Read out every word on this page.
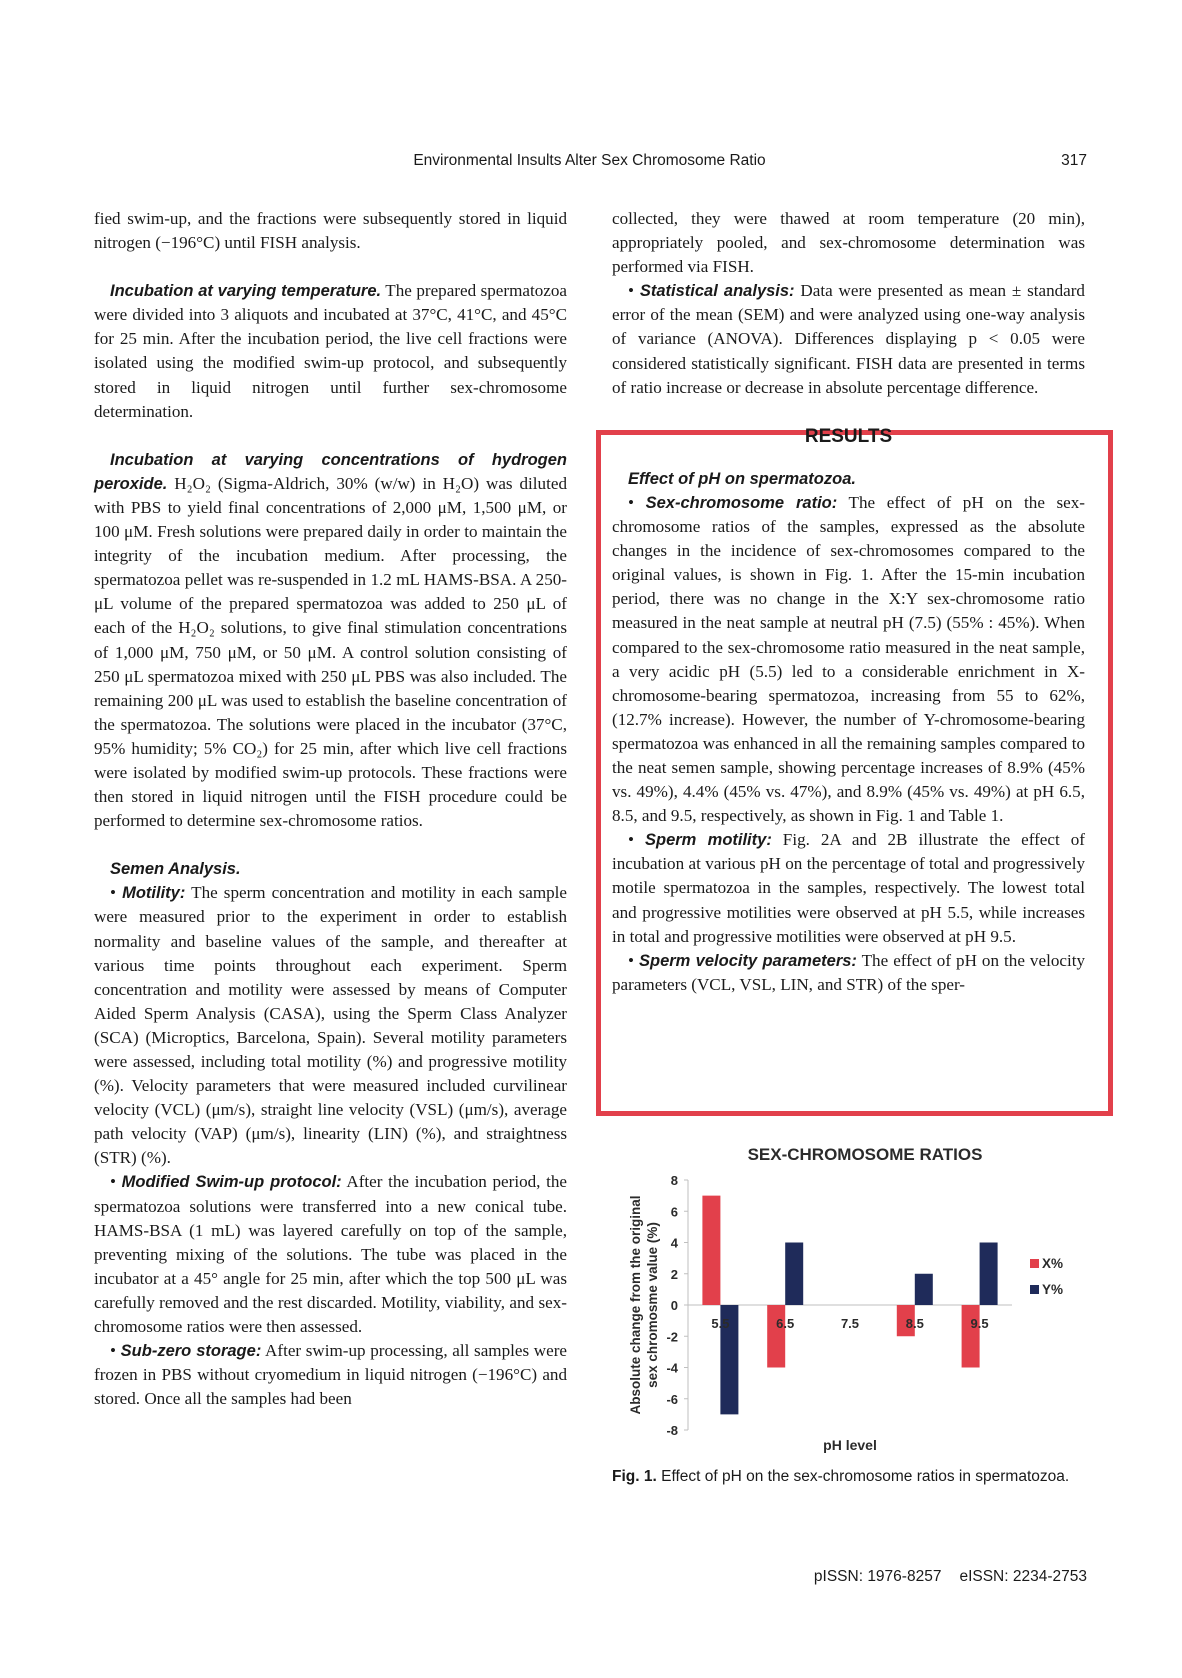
Environmental Insults Alter Sex Chromosome Ratio	317

fied swim-up, and the fractions were subsequently stored in liquid nitrogen (−196°C) until FISH analysis.

Incubation at varying temperature. The prepared spermatozoa were divided into 3 aliquots and incubated at 37°C, 41°C, and 45°C for 25 min. After the incubation period, the live cell fractions were isolated using the modified swim-up protocol, and subsequently stored in liquid nitrogen until further sex-chromosome determination.

Incubation at varying concentrations of hydrogen peroxide. H₂O₂ (Sigma-Aldrich, 30% (w/w) in H₂O) was diluted with PBS to yield final concentrations of 2,000 μM, 1,500 μM, or 100 μM. Fresh solutions were prepared daily in order to maintain the integrity of the incubation medium. After processing, the spermatozoa pellet was re-suspended in 1.2 mL HAMS-BSA. A 250-μL volume of the prepared spermatozoa was added to 250 μL of each of the H₂O₂ solutions, to give final stimulation concentrations of 1,000 μM, 750 μM, or 50 μM. A control solution consisting of 250 μL spermatozoa mixed with 250 μL PBS was also included. The remaining 200 μL was used to establish the baseline concentration of the spermatozoa. The solutions were placed in the incubator (37°C, 95% humidity; 5% CO₂) for 25 min, after which live cell fractions were isolated by modified swim-up protocols. These fractions were then stored in liquid nitrogen until the FISH procedure could be performed to determine sex-chromosome ratios.

Semen Analysis.

• Motility: The sperm concentration and motility in each sample were measured prior to the experiment in order to establish normality and baseline values of the sample, and thereafter at various time points throughout each experiment. Sperm concentration and motility were assessed by means of Computer Aided Sperm Analysis (CASA), using the Sperm Class Analyzer (SCA) (Microptics, Barcelona, Spain). Several motility parameters were assessed, including total motility (%) and progressive motility (%). Velocity parameters that were measured included curvilinear velocity (VCL) (μm/s), straight line velocity (VSL) (μm/s), average path velocity (VAP) (μm/s), linearity (LIN) (%), and straightness (STR) (%).

• Modified Swim-up protocol: After the incubation period, the spermatozoa solutions were transferred into a new conical tube. HAMS-BSA (1 mL) was layered carefully on top of the sample, preventing mixing of the solutions. The tube was placed in the incubator at a 45° angle for 25 min, after which the top 500 μL was carefully removed and the rest discarded. Motility, viability, and sex-chromosome ratios were then assessed.

• Sub-zero storage: After swim-up processing, all samples were frozen in PBS without cryomedium in liquid nitrogen (−196°C) and stored. Once all the samples had been

collected, they were thawed at room temperature (20 min), appropriately pooled, and sex-chromosome determination was performed via FISH.

• Statistical analysis: Data were presented as mean ± standard error of the mean (SEM) and were analyzed using one-way analysis of variance (ANOVA). Differences displaying p < 0.05 were considered statistically significant. FISH data are presented in terms of ratio increase or decrease in absolute percentage difference.

RESULTS

Effect of pH on spermatozoa.

• Sex-chromosome ratio: The effect of pH on the sex-chromosome ratios of the samples, expressed as the absolute changes in the incidence of sex-chromosomes compared to the original values, is shown in Fig. 1. After the 15-min incubation period, there was no change in the X:Y sex-chromosome ratio measured in the neat sample at neutral pH (7.5) (55% : 45%). When compared to the sex-chromosome ratio measured in the neat sample, a very acidic pH (5.5) led to a considerable enrichment in X-chromosome-bearing spermatozoa, increasing from 55 to 62%, (12.7% increase). However, the number of Y-chromosome-bearing spermatozoa was enhanced in all the remaining samples compared to the neat semen sample, showing percentage increases of 8.9% (45% vs. 49%), 4.4% (45% vs. 47%), and 8.9% (45% vs. 49%) at pH 6.5, 8.5, and 9.5, respectively, as shown in Fig. 1 and Table 1.

• Sperm motility: Fig. 2A and 2B illustrate the effect of incubation at various pH on the percentage of total and progressively motile spermatozoa in the samples, respectively. The lowest total and progressive motilities were observed at pH 5.5, while increases in total and progressive motilities were observed at pH 9.5.

• Sperm velocity parameters: The effect of pH on the velocity parameters (VCL, VSL, LIN, and STR) of the sper-

SEX-CHROMOSOME RATIOS
8
6
4
2
0
-2
-4
-6
-8
5.5	6.5	7.5	8.5	9.5
pH level
Absolute change from the original sex chromosme value (%)	X%
Y%
Fig. 1. Effect of pH on the sex-chromosome ratios in spermatozoa.
pISSN: 1976-8257 eISSN: 2234-2753
